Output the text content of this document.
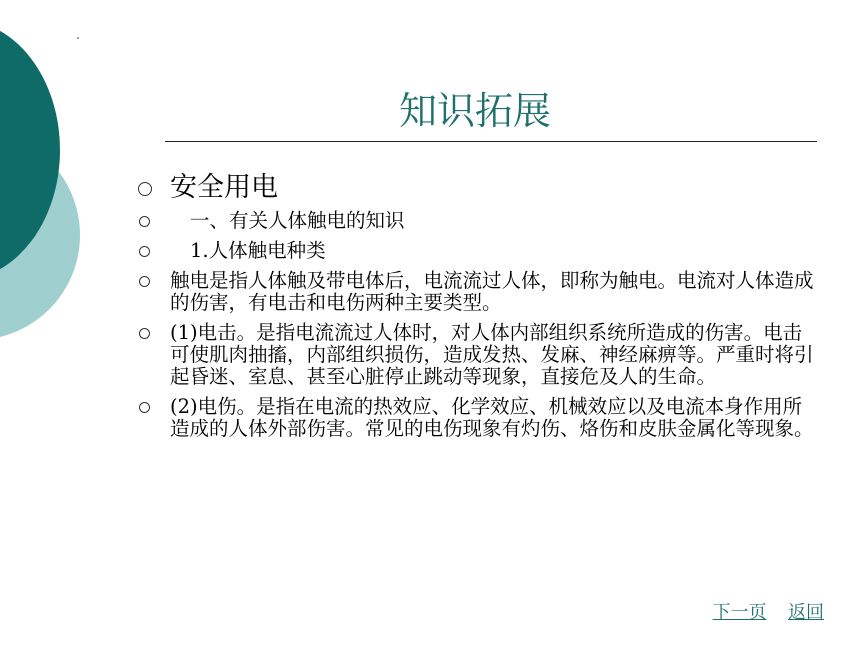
知识拓展
安全用电
一、有关人体触电的知识
1.人体触电种类
触电是指人体触及带电体后，电流流过人体，即称为触电。电流对人体造成的伤害，有电击和电伤两种主要类型。
(1)电击。是指电流流过人体时，对人体内部组织系统所造成的伤害。电击可使肌肉抽搐，内部组织损伤，造成发热、发麻、神经麻痹等。严重时将引起昏迷、室息、甚至心脏停止跳动等现象，直接危及人的生命。
(2)电伤。是指在电流的热效应、化学效应、机械效应以及电流本身作用所造成的人体外部伤害。常见的电伤现象有灼伤、烙伤和皮肤金属化等现象。
下一页 返回
